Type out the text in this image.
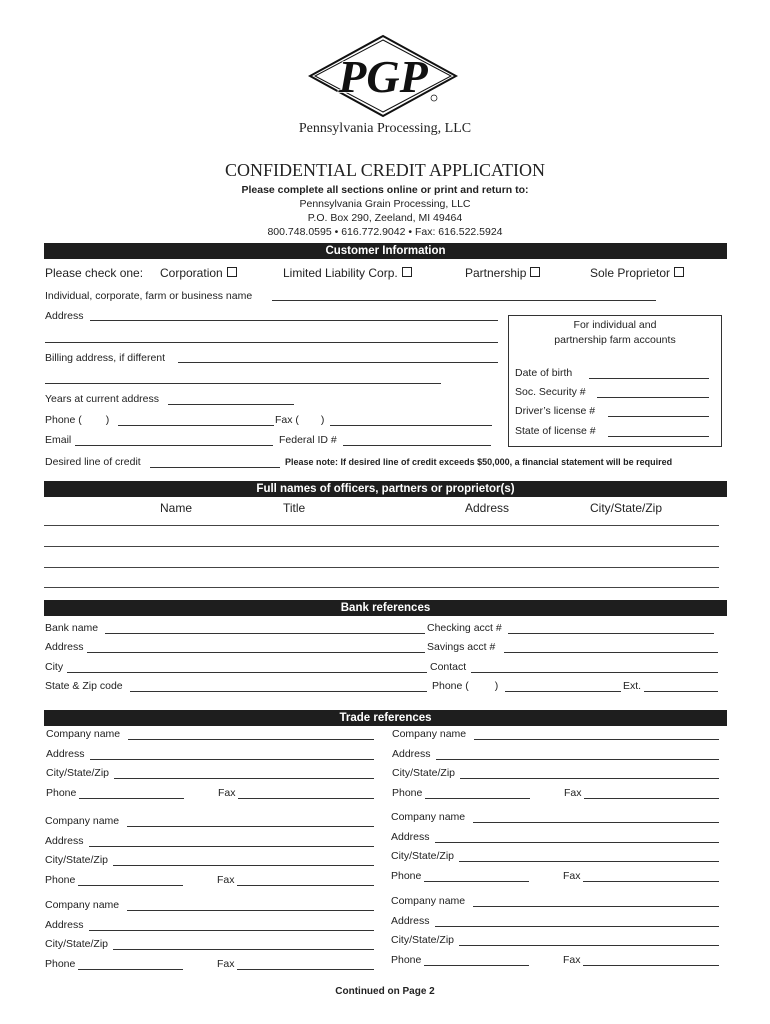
PGP
Pennsylvania Processing, LLC
CONFIDENTIAL CREDIT APPLICATION
Please complete all sections online or print and return to:
Pennsylvania Grain Processing, LLC
P.O. Box 290, Zeeland, MI 49464
800.748.0595 • 616.772.9042 • Fax: 616.522.5924
Customer Information
Please check one: Corporation	Limited Liability Corp.	Partnership	Sole Proprietor
Individual, corporate, farm or business name
Address
Billing address, if different
Years at current address
Phone ( )	Fax ( )
Email	Federal ID #
Desired line of credit	Please note: If desired line of credit exceeds $50,000, a financial statement will be required
For individual and
partnership farm accounts
Date of birth
Soc. Security #
Driver’s license #
State of license #
Full names of officers, partners or proprietor(s)
Name	Title	Address	City/State/Zip
Bank references
Bank name	Checking acct #
Address	Savings acct #
City	Contact
State & Zip code	Phone ( )	Ext.
Trade references
Company name
Address
City/State/Zip
Phone	Fax
Company name
Address
City/State/Zip
Phone	Fax
Company name
Address
City/State/Zip
Phone	Fax
Company name
Address
City/State/Zip
Phone	Fax
Company name
Address
City/State/Zip
Phone	Fax
Company name
Address
City/State/Zip
Phone	Fax
Continued on Page 2
